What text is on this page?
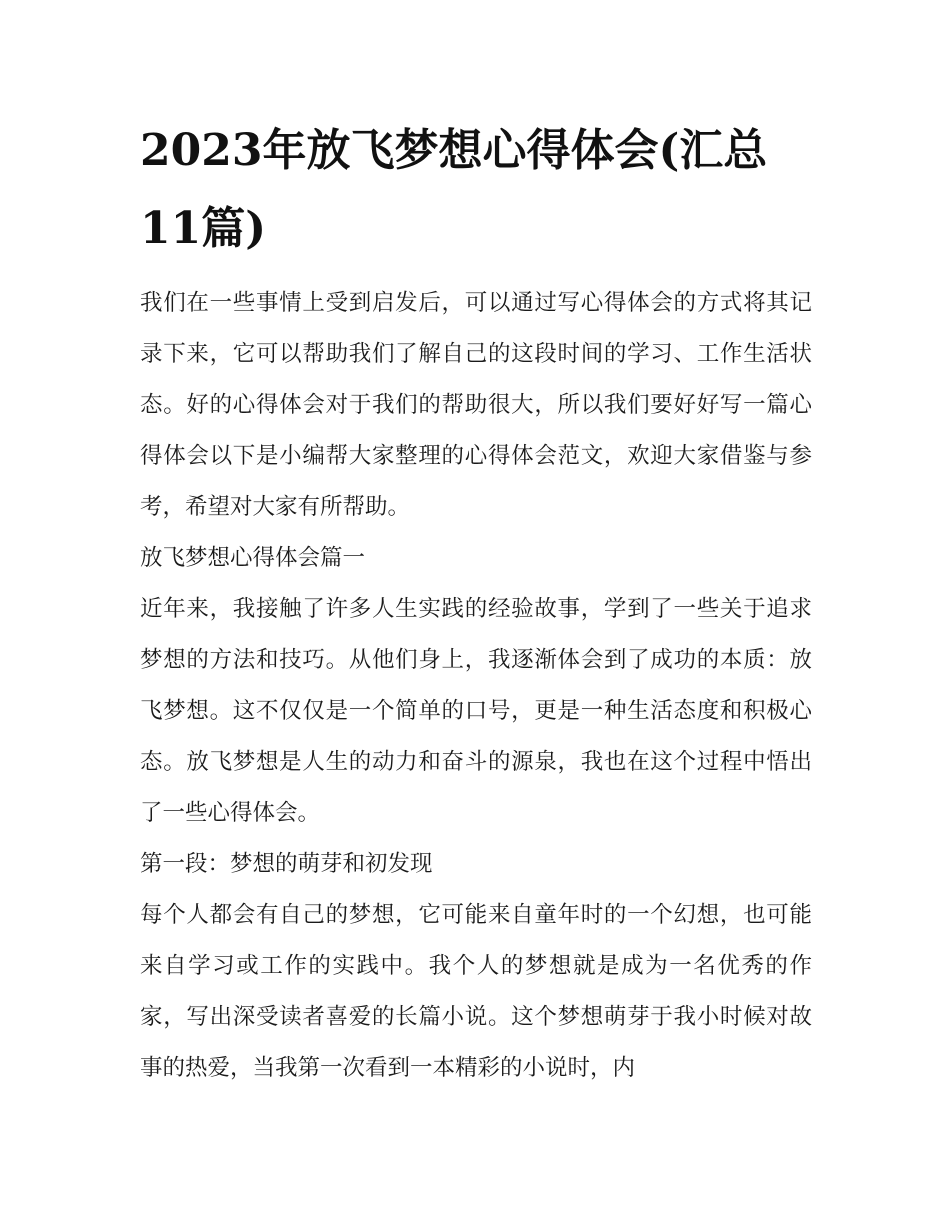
2023年放飞梦想心得体会(汇总11篇)

我们在一些事情上受到启发后，可以通过写心得体会的方式将其记录下来，它可以帮助我们了解自己的这段时间的学习、工作生活状态。好的心得体会对于我们的帮助很大，所以我们要好好写一篇心得体会以下是小编帮大家整理的心得体会范文，欢迎大家借鉴与参考，希望对大家有所帮助。

放飞梦想心得体会篇一

近年来，我接触了许多人生实践的经验故事，学到了一些关于追求梦想的方法和技巧。从他们身上，我逐渐体会到了成功的本质：放飞梦想。这不仅仅是一个简单的口号，更是一种生活态度和积极心态。放飞梦想是人生的动力和奋斗的源泉，我也在这个过程中悟出了一些心得体会。

第一段：梦想的萌芽和初发现

每个人都会有自己的梦想，它可能来自童年时的一个幻想，也可能来自学习或工作的实践中。我个人的梦想就是成为一名优秀的作家，写出深受读者喜爱的长篇小说。这个梦想萌芽于我小时候对故事的热爱，当我第一次看到一本精彩的小说时，内
